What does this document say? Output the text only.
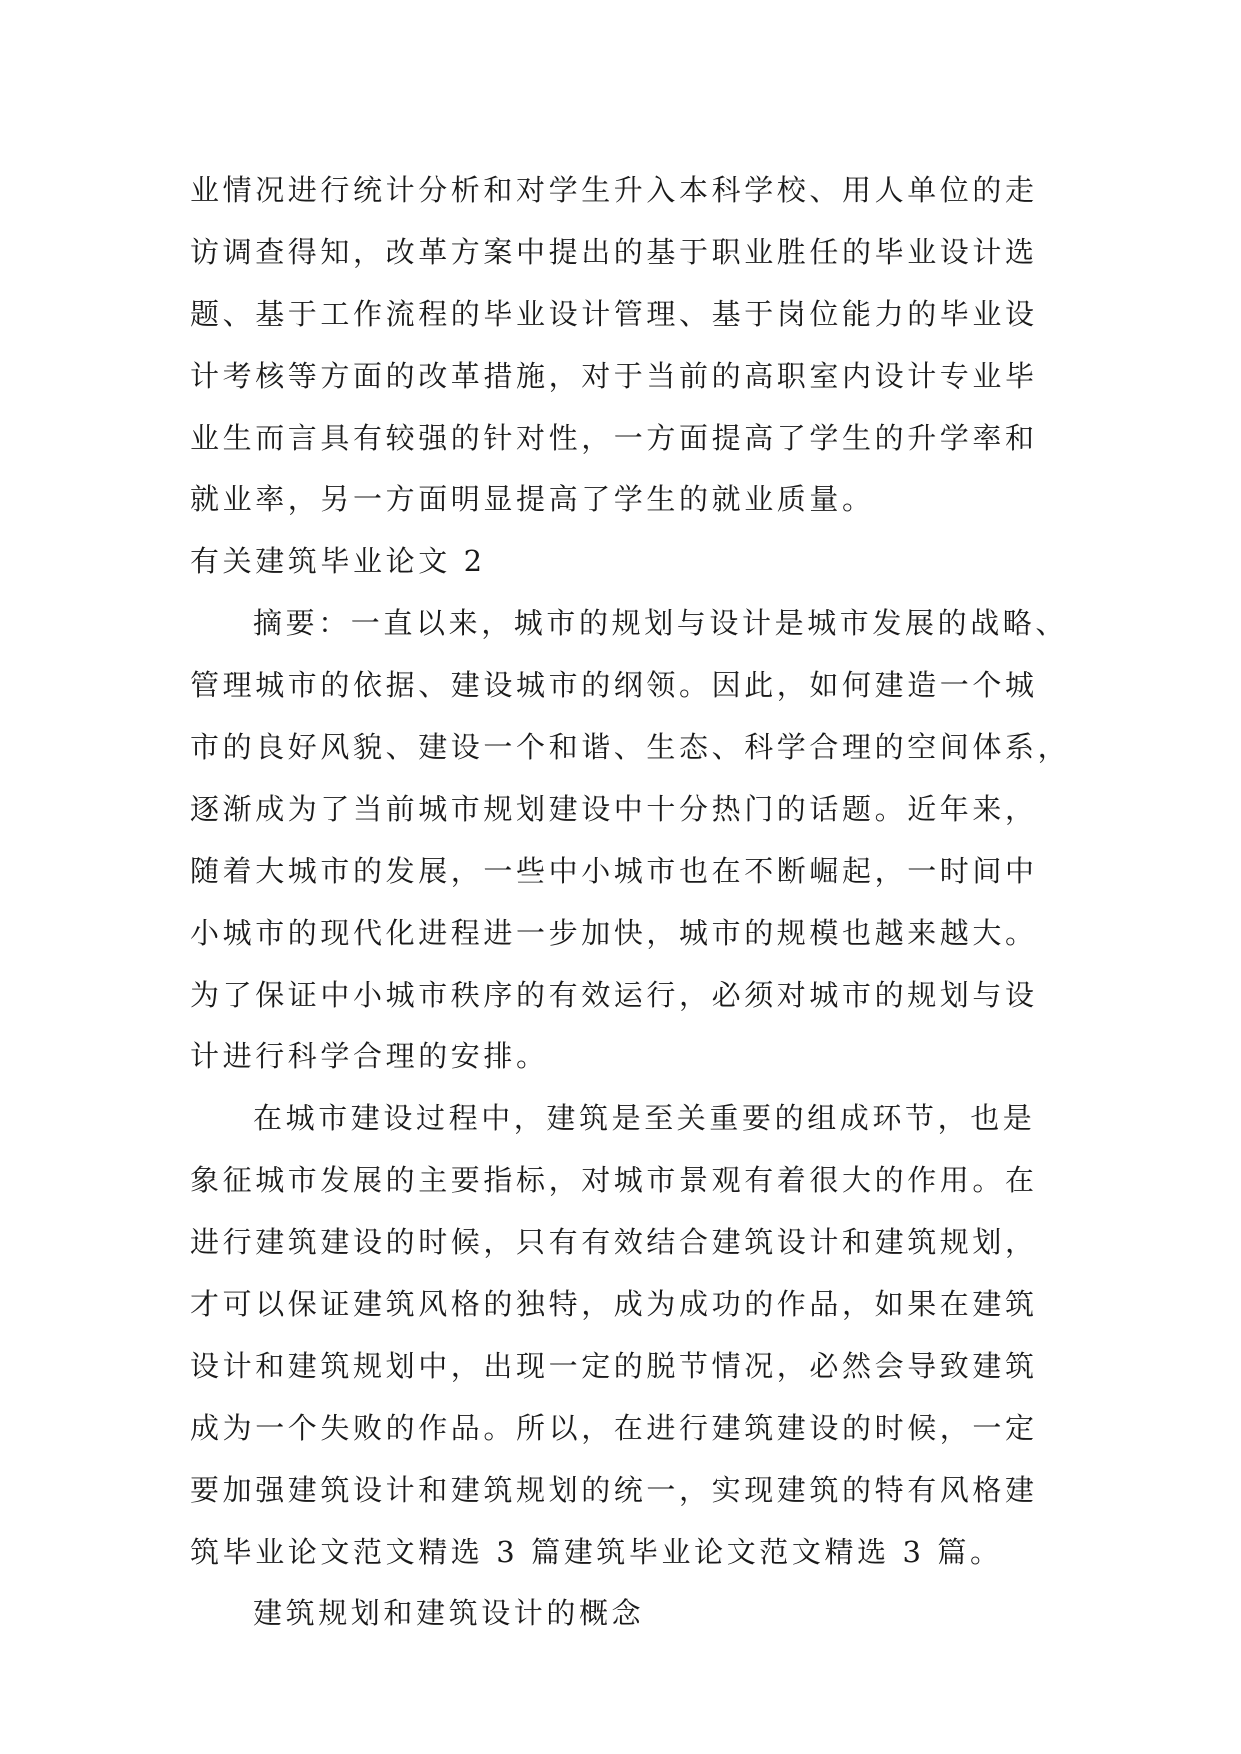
业情况进行统计分析和对学生升入本科学校、用人单位的走
访调查得知，改革方案中提出的基于职业胜任的毕业设计选
题、基于工作流程的毕业设计管理、基于岗位能力的毕业设
计考核等方面的改革措施，对于当前的高职室内设计专业毕
业生而言具有较强的针对性，一方面提高了学生的升学率和
就业率，另一方面明显提高了学生的就业质量。
有关建筑毕业论文 2
摘要：一直以来，城市的规划与设计是城市发展的战略、
管理城市的依据、建设城市的纲领。因此，如何建造一个城
市的良好风貌、建设一个和谐、生态、科学合理的空间体系，
逐渐成为了当前城市规划建设中十分热门的话题。近年来，
随着大城市的发展，一些中小城市也在不断崛起，一时间中
小城市的现代化进程进一步加快，城市的规模也越来越大。
为了保证中小城市秩序的有效运行，必须对城市的规划与设
计进行科学合理的安排。
在城市建设过程中，建筑是至关重要的组成环节，也是
象征城市发展的主要指标，对城市景观有着很大的作用。在
进行建筑建设的时候，只有有效结合建筑设计和建筑规划，
才可以保证建筑风格的独特，成为成功的作品，如果在建筑
设计和建筑规划中，出现一定的脱节情况，必然会导致建筑
成为一个失败的作品。所以，在进行建筑建设的时候，一定
要加强建筑设计和建筑规划的统一，实现建筑的特有风格建
筑毕业论文范文精选 3 篇建筑毕业论文范文精选 3 篇。
建筑规划和建筑设计的概念
